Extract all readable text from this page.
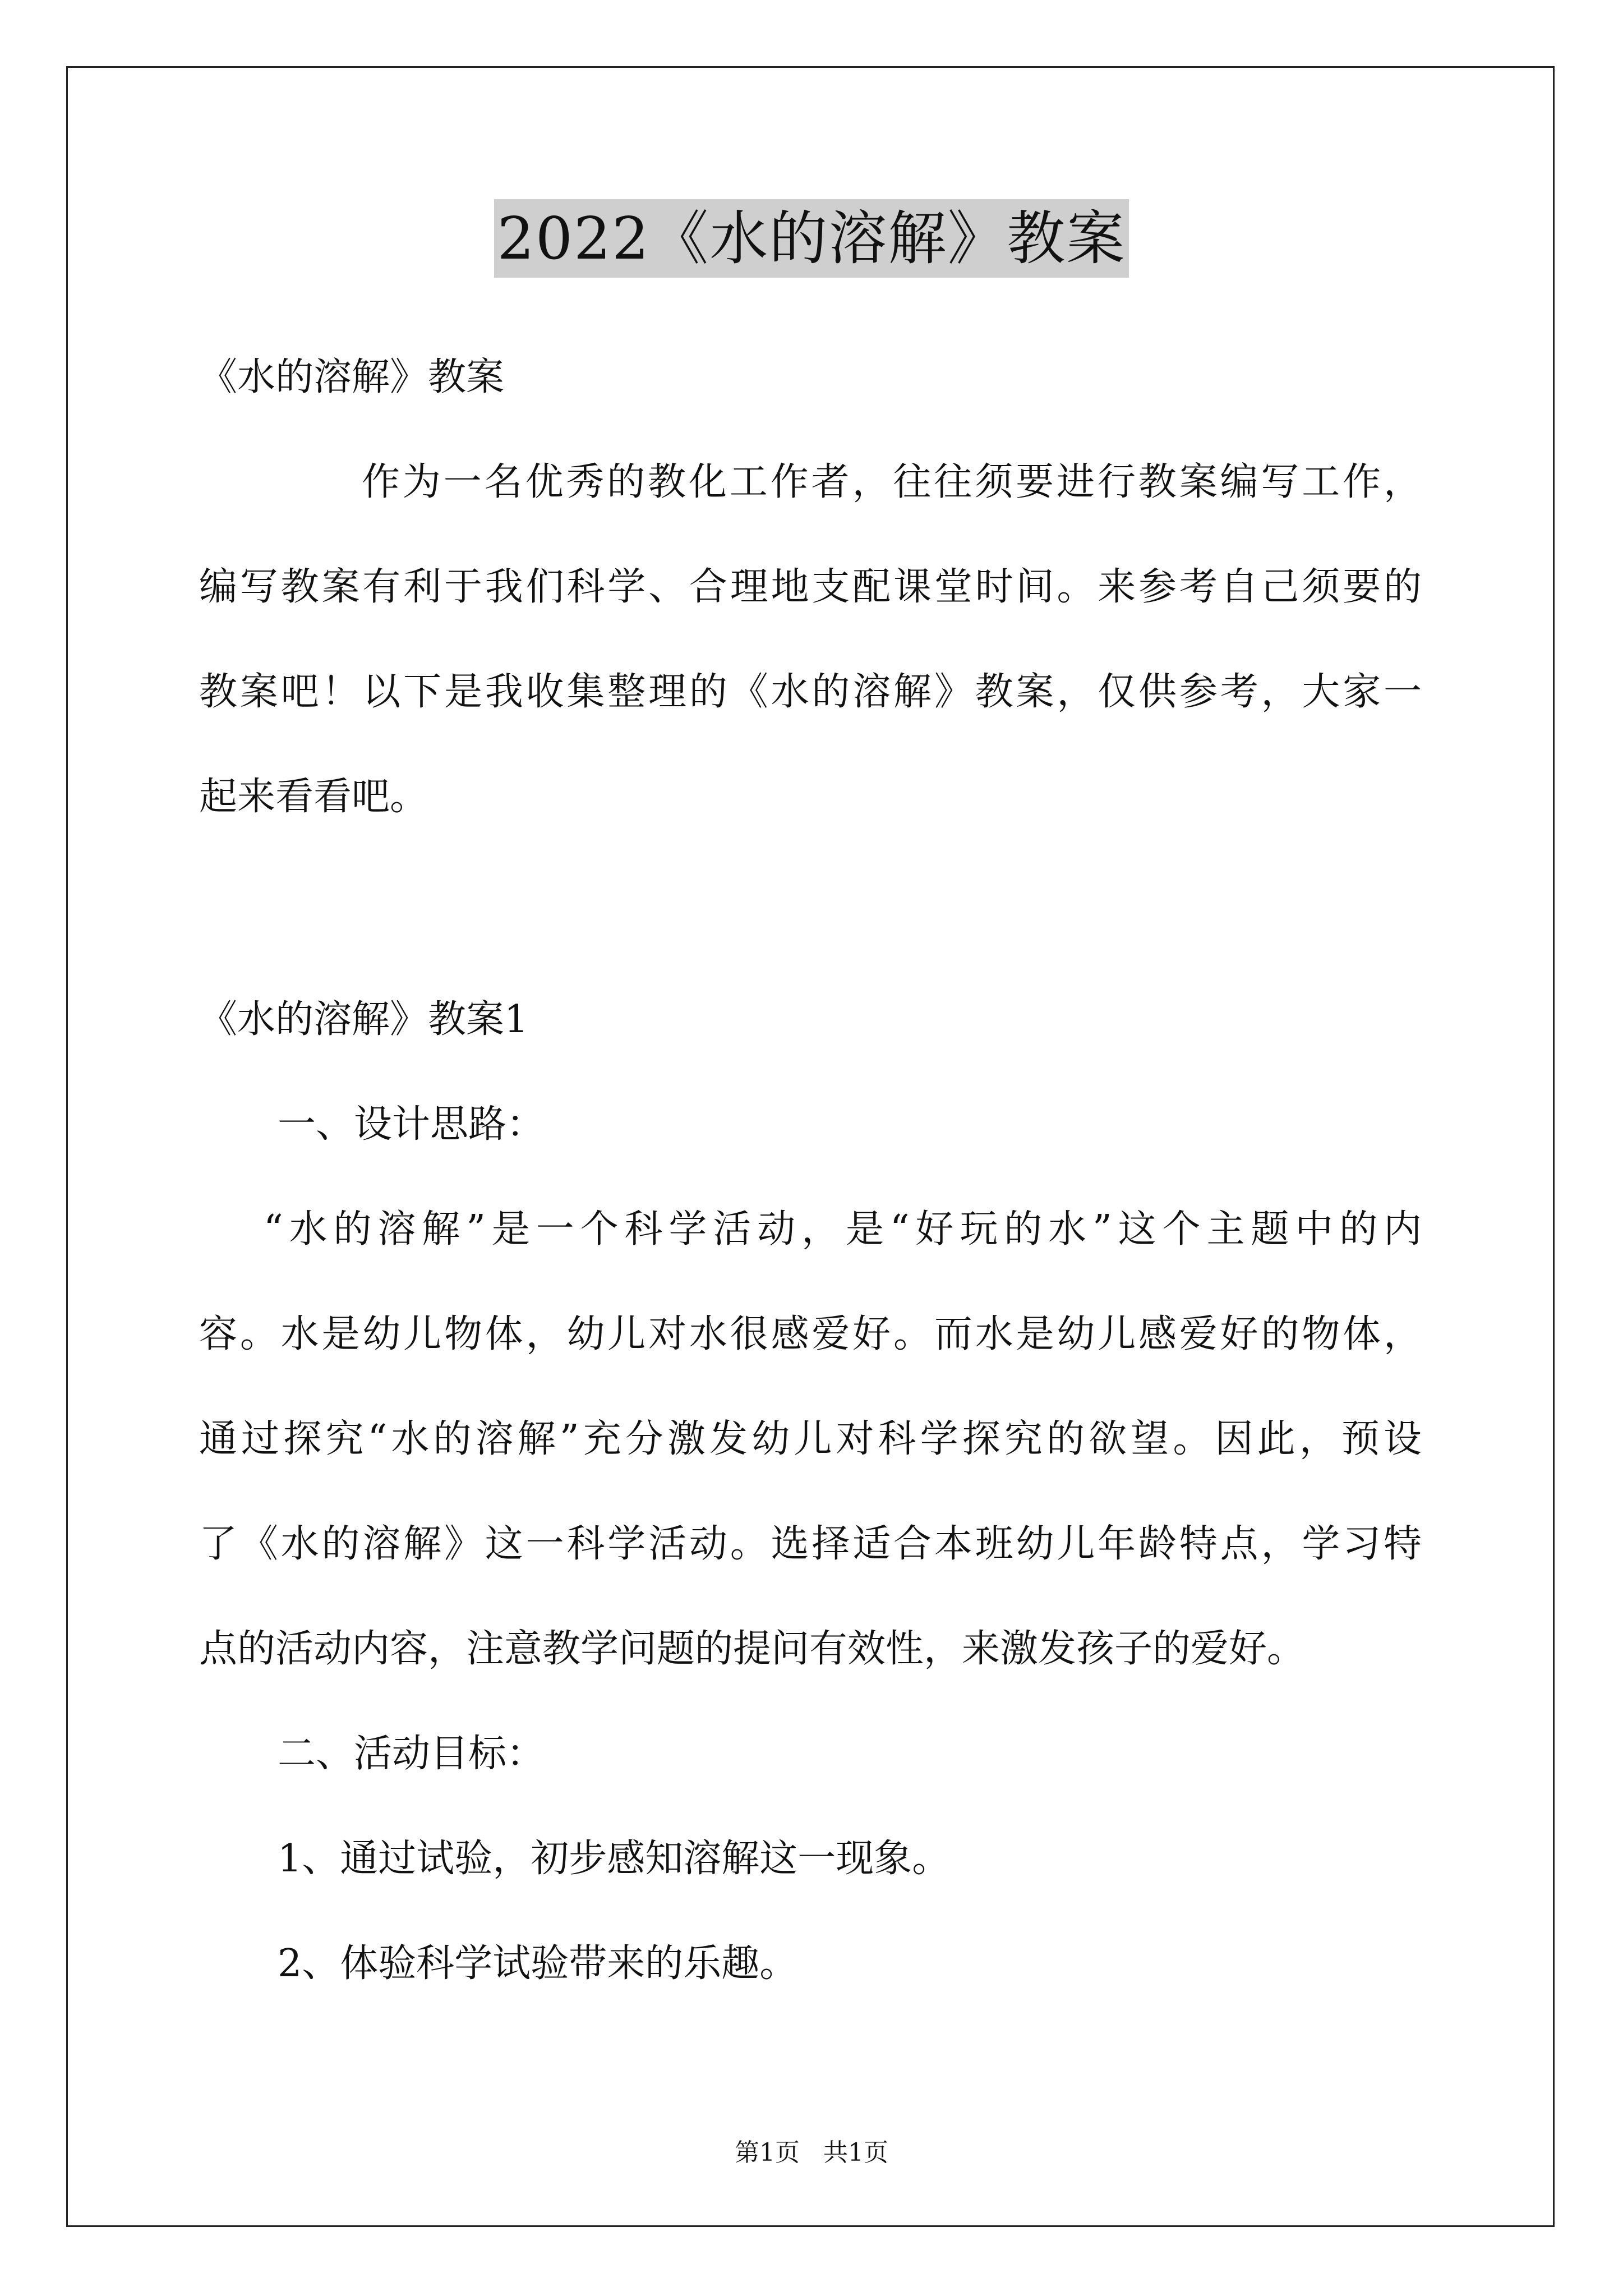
2022《水的溶解》教案
《水的溶解》教案
作为一名优秀的教化工作者，往往须要进行教案编写工作，
编写教案有利于我们科学、合理地支配课堂时间。来参考自己须要的
教案吧！以下是我收集整理的《水的溶解》教案，仅供参考，大家一
起来看看吧。
《水的溶解》教案1
一、设计思路：
“水的溶解”是一个科学活动，是“好玩的水”这个主题中的内
容。水是幼儿物体，幼儿对水很感爱好。而水是幼儿感爱好的物体，
通过探究“水的溶解”充分激发幼儿对科学探究的欲望。因此，预设
了《水的溶解》这一科学活动。选择适合本班幼儿年龄特点，学习特
点的活动内容，注意教学问题的提问有效性，来激发孩子的爱好。
二、活动目标：
1、通过试验，初步感知溶解这一现象。
2、体验科学试验带来的乐趣。
第1页 共1页
